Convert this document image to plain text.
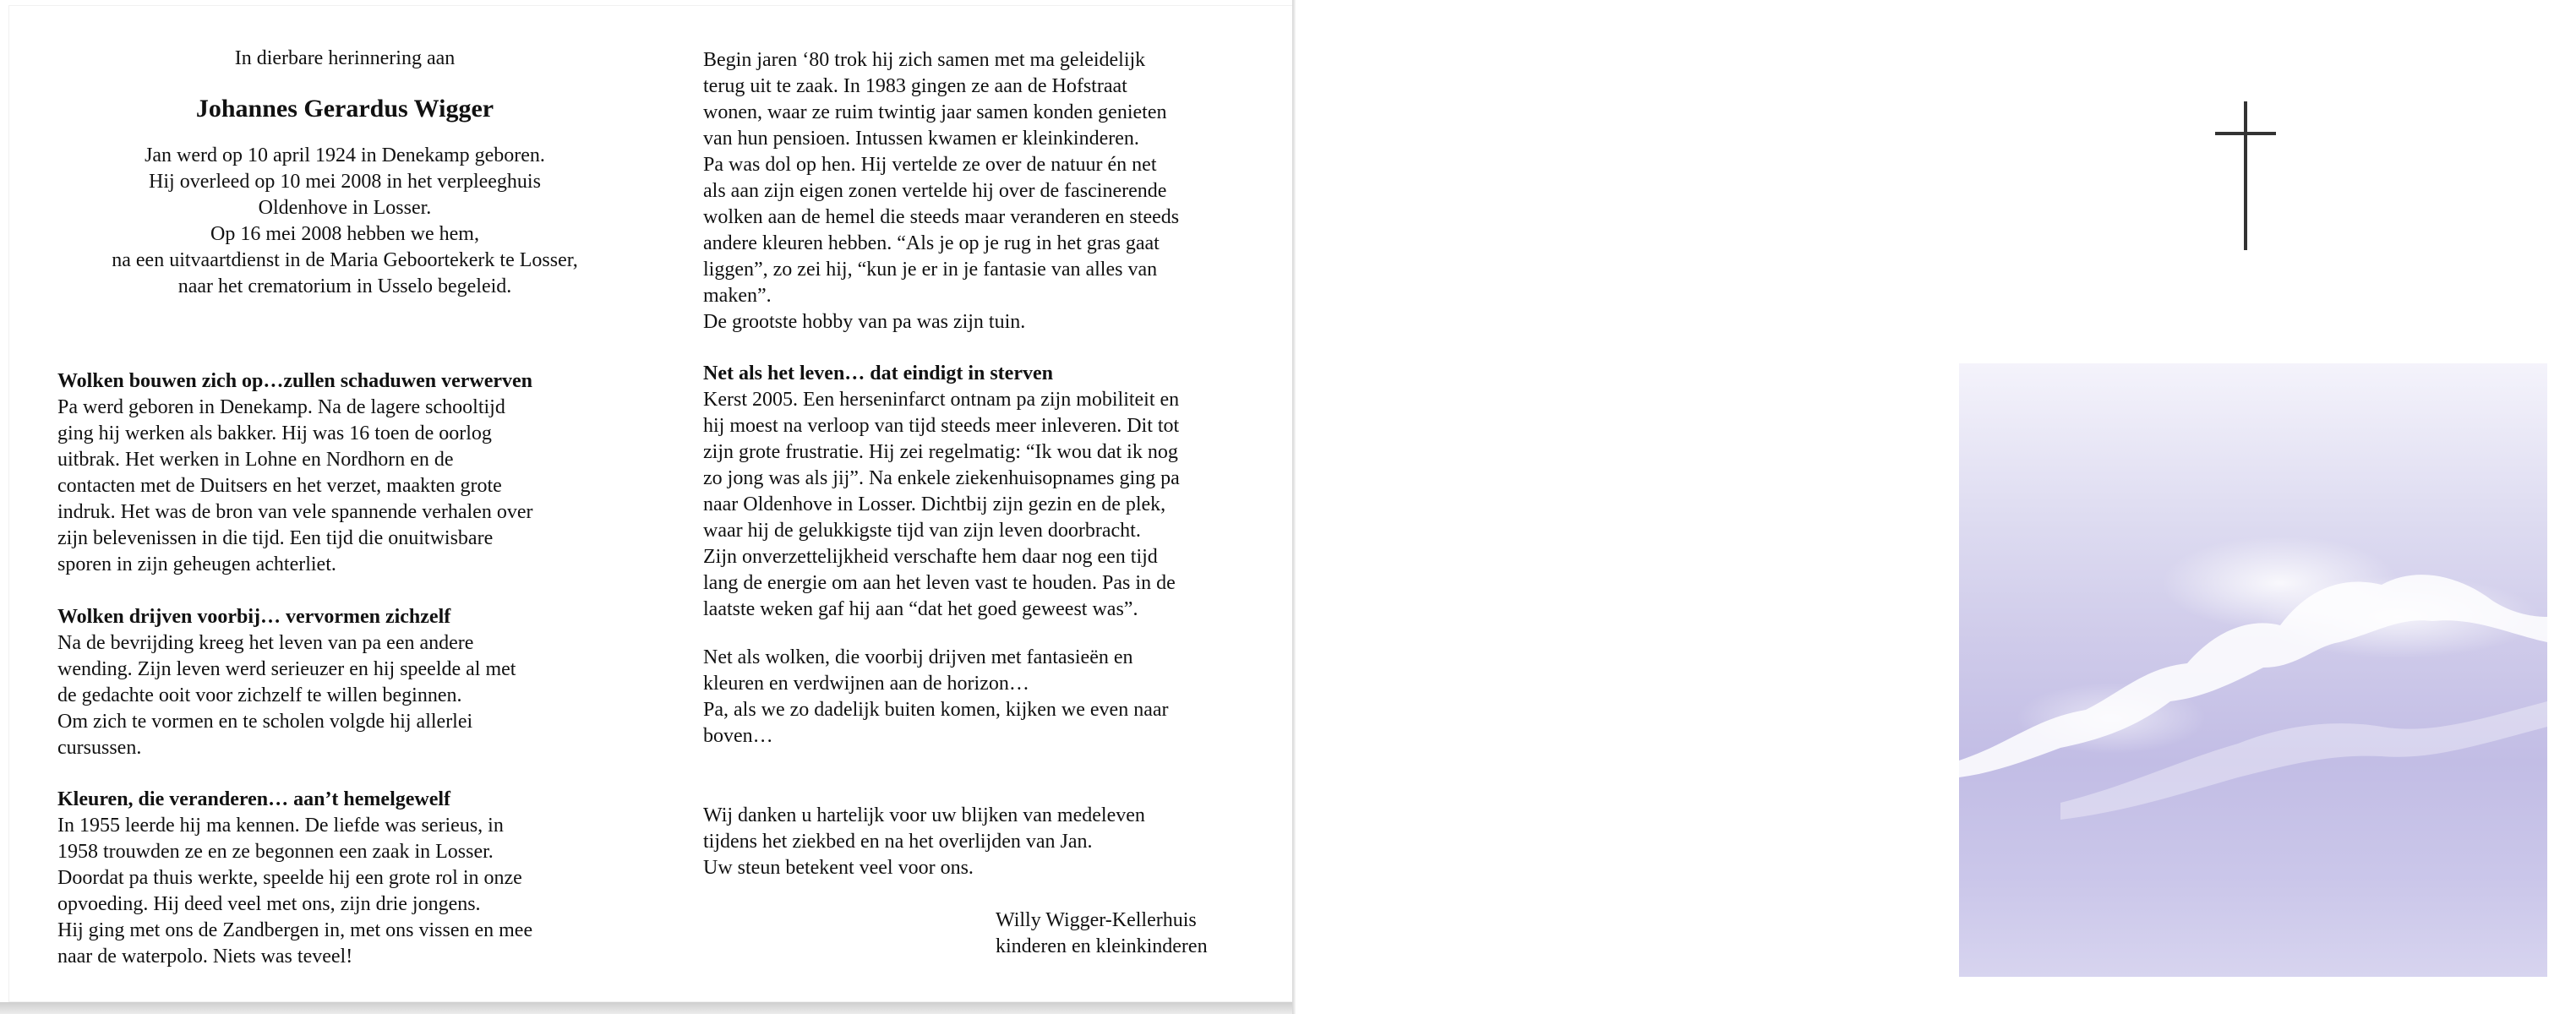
In dierbare herinnering aan
Johannes Gerardus Wigger
Jan werd op 10 april 1924 in Denekamp geboren.
Hij overleed op 10 mei 2008 in het verpleeghuis
Oldenhove in Losser.
Op 16 mei 2008 hebben we hem,
na een uitvaartdienst in de Maria Geboortekerk te Losser,
naar het crematorium in Usselo begeleid.
Wolken bouwen zich op…zullen schaduwen verwerven

Pa werd geboren in Denekamp. Na de lagere schooltijd
ging hij werken als bakker. Hij was 16 toen de oorlog
uitbrak. Het werken in Lohne en Nordhorn en de
contacten met de Duitsers en het verzet, maakten grote
indruk. Het was de bron van vele spannende verhalen over
zijn belevenissen in die tijd. Een tijd die onuitwisbare
sporen in zijn geheugen achterliet.

Wolken drijven voorbij… vervormen zichzelf

Na de bevrijding kreeg het leven van pa een andere
wending. Zijn leven werd serieuzer en hij speelde al met
de gedachte ooit voor zichzelf te willen beginnen.
Om zich te vormen en te scholen volgde hij allerlei
cursussen.

Kleuren, die veranderen… aan’t hemelgewelf

In 1955 leerde hij ma kennen. De liefde was serieus, in
1958 trouwden ze en ze begonnen een zaak in Losser.
Doordat pa thuis werkte, speelde hij een grote rol in onze
opvoeding. Hij deed veel met ons, zijn drie jongens.
Hij ging met ons de Zandbergen in, met ons vissen en mee
naar de waterpolo. Niets was teveel!

Begin jaren ‘80 trok hij zich samen met ma geleidelijk
terug uit te zaak. In 1983 gingen ze aan de Hofstraat
wonen, waar ze ruim twintig jaar samen konden genieten
van hun pensioen. Intussen kwamen er kleinkinderen.
Pa was dol op hen. Hij vertelde ze over de natuur én net
als aan zijn eigen zonen vertelde hij over de fascinerende
wolken aan de hemel die steeds maar veranderen en steeds
andere kleuren hebben. “Als je op je rug in het gras gaat
liggen”, zo zei hij, “kun je er in je fantasie van alles van
maken”.
De grootste hobby van pa was zijn tuin.

Net als het leven… dat eindigt in sterven

Kerst 2005. Een herseninfarct ontnam pa zijn mobiliteit en
hij moest na verloop van tijd steeds meer inleveren. Dit tot
zijn grote frustratie. Hij zei regelmatig: “Ik wou dat ik nog
zo jong was als jij”. Na enkele ziekenhuisopnames ging pa
naar Oldenhove in Losser. Dichtbij zijn gezin en de plek,
waar hij de gelukkigste tijd van zijn leven doorbracht.
Zijn onverzettelijkheid verschafte hem daar nog een tijd
lang de energie om aan het leven vast te houden. Pas in de
laatste weken gaf hij aan “dat het goed geweest was”.

Net als wolken, die voorbij drijven met fantasieën en
kleuren en verdwijnen aan de horizon…
Pa, als we zo dadelijk buiten komen, kijken we even naar
boven…

Wij danken u hartelijk voor uw blijken van medeleven
tijdens het ziekbed en na het overlijden van Jan.
Uw steun betekent veel voor ons.

Willy Wigger-Kellerhuis
kinderen en kleinkinderen
